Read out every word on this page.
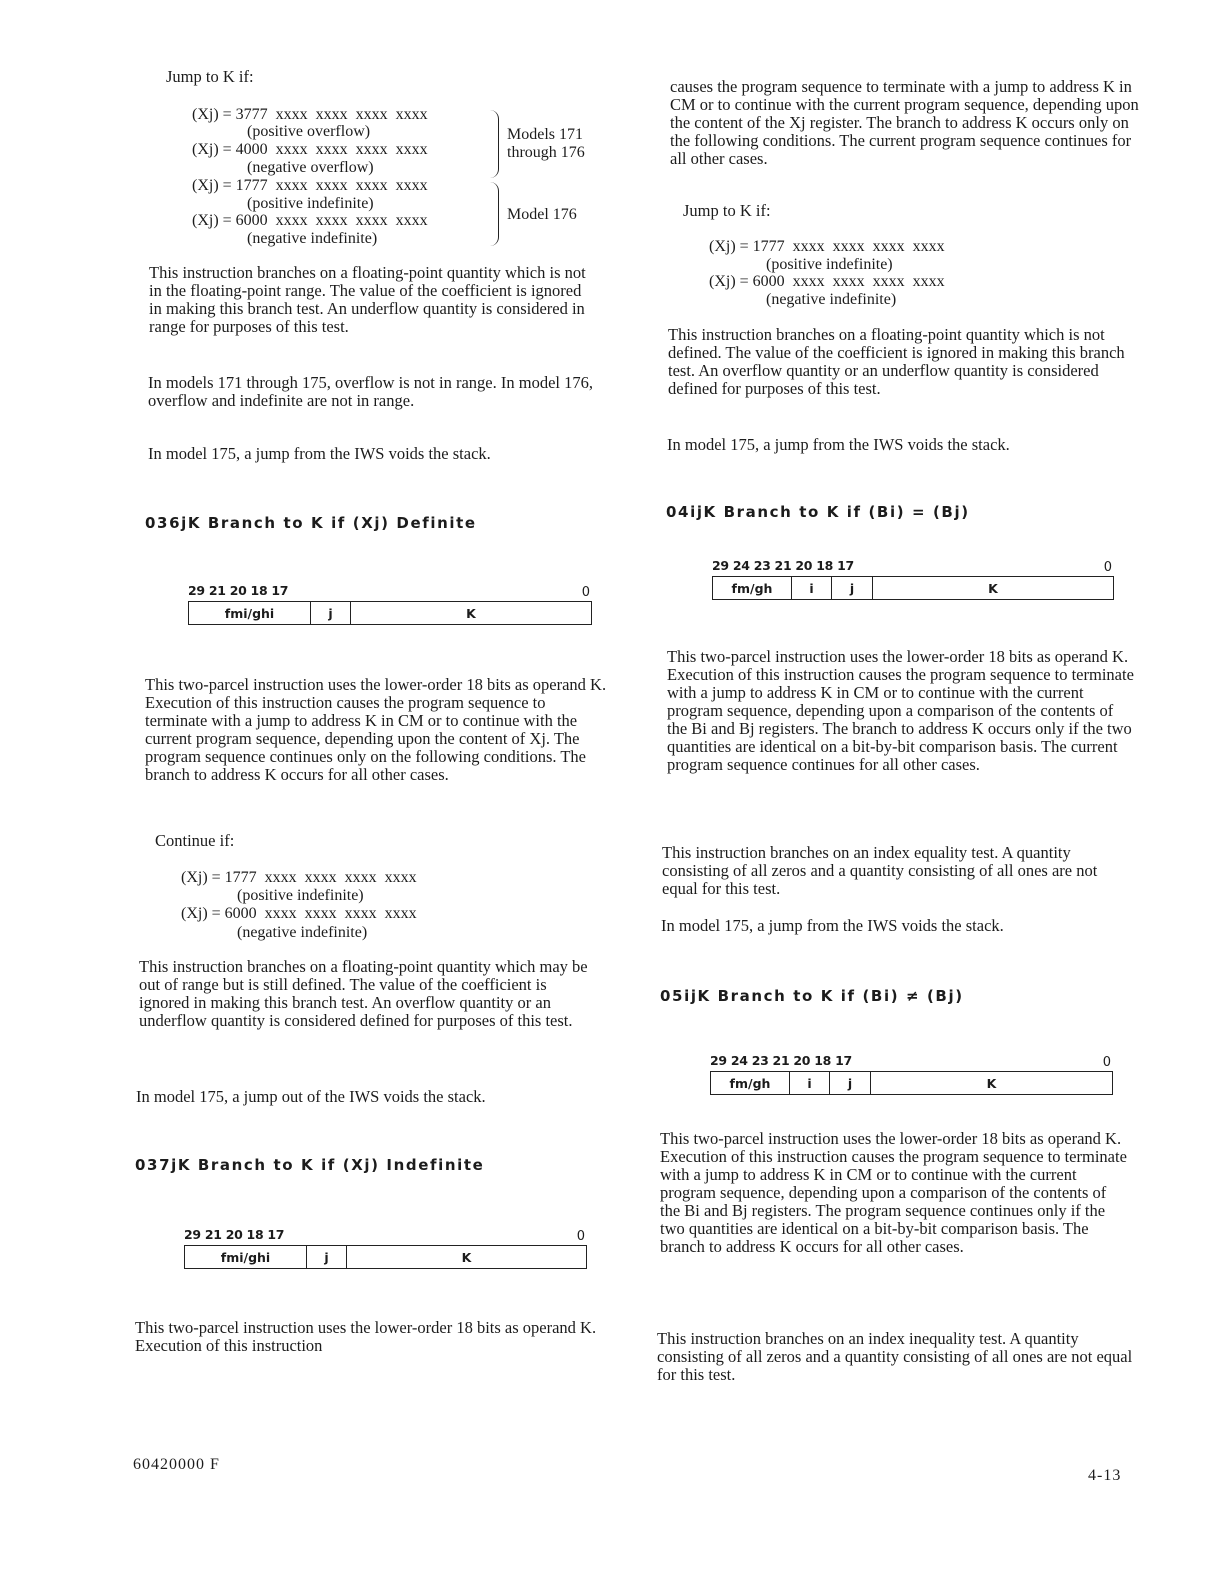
Jump to K if:
(Xj) = 3777  xxxx  xxxx  xxxx  xxxx
(positive overflow)
(Xj) = 4000  xxxx  xxxx  xxxx  xxxx
(negative overflow)
Models 171
through 176
(Xj) = 1777  xxxx  xxxx  xxxx  xxxx
(positive indefinite)
(Xj) = 6000  xxxx  xxxx  xxxx  xxxx
(negative indefinite)
Model 176

This instruction branches on a floating-point quantity which is not in the floating-point range. The value of the coefficient is ignored in making this branch test. An underflow quantity is considered in range for purposes of this test.

In models 171 through 175, overflow is not in range. In model 176, overflow and indefinite are not in range.

In model 175, a jump from the IWS voids the stack.

036jK Branch to K if (Xj) Definite
29 21 20 18 17	0
fmi/ghi	j	K

This two-parcel instruction uses the lower-order 18 bits as operand K. Execution of this instruction causes the program sequence to terminate with a jump to address K in CM or to continue with the current program sequence, depending upon the content of Xj. The program sequence continues only on the following conditions. The branch to address K occurs for all other cases.

Continue if:
(Xj) = 1777  xxxx  xxxx  xxxx  xxxx
(positive indefinite)
(Xj) = 6000  xxxx  xxxx  xxxx  xxxx
(negative indefinite)

This instruction branches on a floating-point quantity which may be out of range but is still defined. The value of the coefficient is ignored in making this branch test. An overflow quantity or an underflow quantity is considered defined for purposes of this test.

In model 175, a jump out of the IWS voids the stack.

037jK Branch to K if (Xj) Indefinite
29 21 20 18 17	0
fmi/ghi	j	K

This two-parcel instruction uses the lower-order 18 bits as operand K. Execution of this instruction

causes the program sequence to terminate with a jump to address K in CM or to continue with the current program sequence, depending upon the content of the Xj register. The branch to address K occurs only on the following conditions. The current program sequence continues for all other cases.

Jump to K if:
(Xj) = 1777  xxxx  xxxx  xxxx  xxxx
(positive indefinite)
(Xj) = 6000  xxxx  xxxx  xxxx  xxxx
(negative indefinite)

This instruction branches on a floating-point quantity which is not defined. The value of the coefficient is ignored in making this branch test. An overflow quantity or an underflow quantity is considered defined for purposes of this test.

In model 175, a jump from the IWS voids the stack.

04ijK Branch to K if (Bi) = (Bj)
29 24 23 21 20 18 17	0
fm/gh	i	j	K

This two-parcel instruction uses the lower-order 18 bits as operand K. Execution of this instruction causes the program sequence to terminate with a jump to address K in CM or to continue with the current program sequence, depending upon a comparison of the contents of the Bi and Bj registers. The branch to address K occurs only if the two quantities are identical on a bit-by-bit comparison basis. The current program sequence continues for all other cases.

This instruction branches on an index equality test. A quantity consisting of all zeros and a quantity consisting of all ones are not equal for this test.

In model 175, a jump from the IWS voids the stack.

05ijK Branch to K if (Bi) ≠ (Bj)
29 24 23 21 20 18 17	0
fm/gh	i	j	K

This two-parcel instruction uses the lower-order 18 bits as operand K. Execution of this instruction causes the program sequence to terminate with a jump to address K in CM or to continue with the current program sequence, depending upon a comparison of the contents of the Bi and Bj registers. The program sequence continues only if the two quantities are identical on a bit-by-bit comparison basis. The branch to address K occurs for all other cases.

This instruction branches on an index inequality test. A quantity consisting of all zeros and a quantity consisting of all ones are not equal for this test.

60420000 F
4-13
